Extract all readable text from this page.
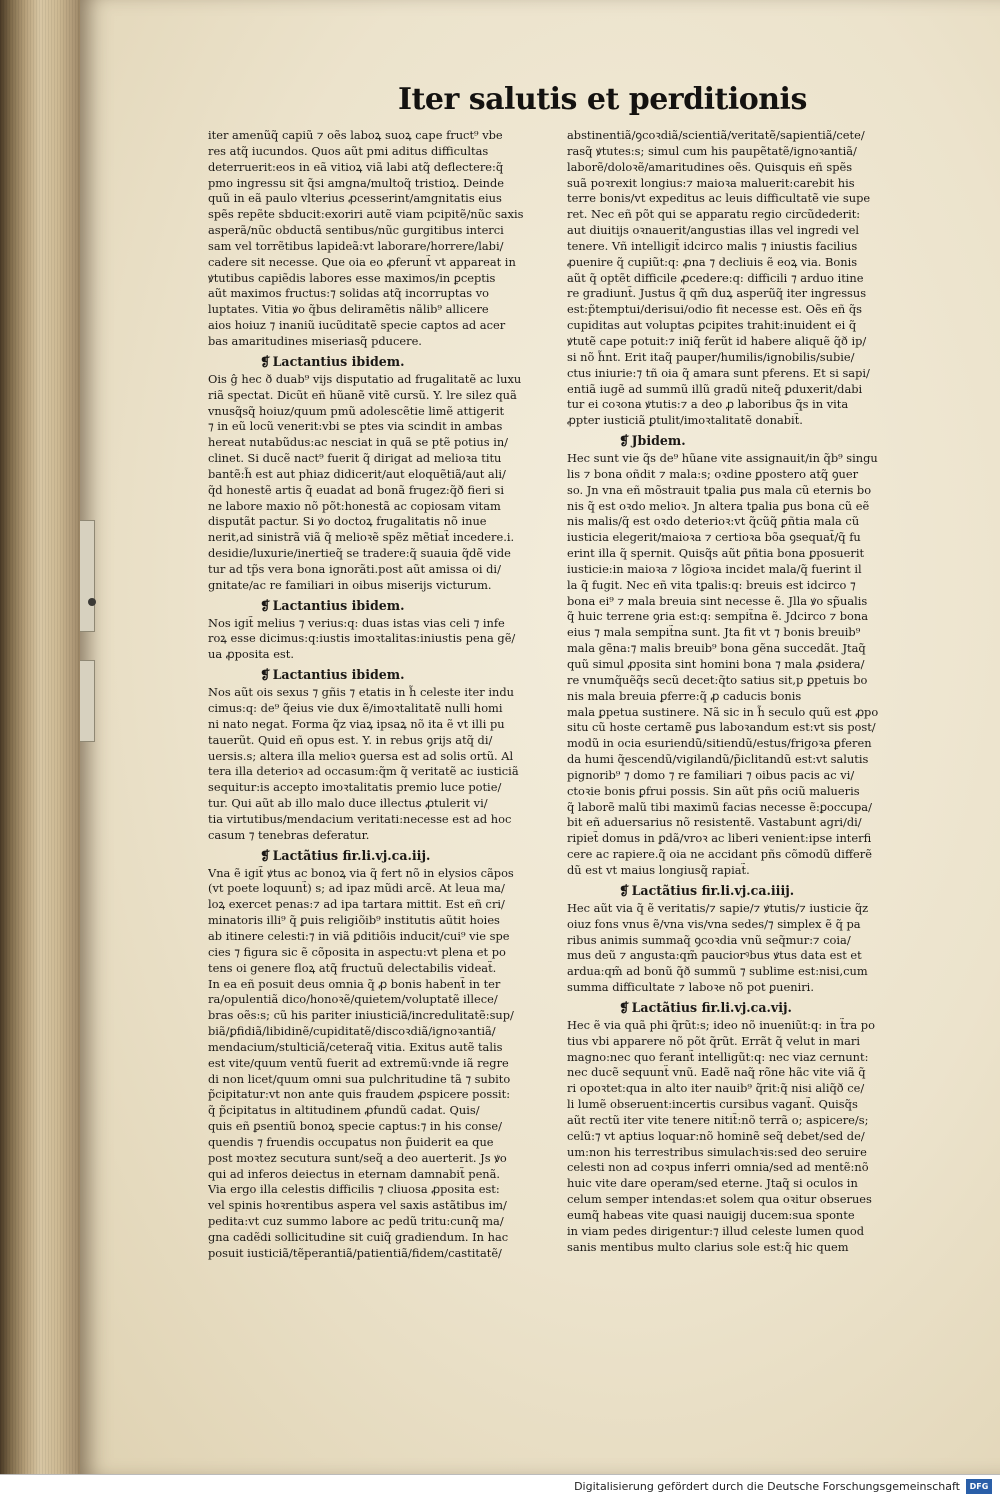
Iter salutis et perditionis

iter amenũq̃ capiũ ⁊ oẽs laboꝝ suoꝝ cape fruct⁹ vbe
res atq̃ iucundos. Quos aũt pmi aditus difficultas
deterruerit:eos in eã vitioꝝ viã labi atq̃ deflectere:q̃
pmo ingressu sit q̃si amgna/multoq̃ tristioꝝ. Deinde
quũ in eã paulo vlterius ꝓcesserint/amgnitatis eius
spẽs repẽte sbducit:exoriri autẽ viam pcipitẽ/nũc saxis
asperã/nũc obductã sentibus/nũc gurgitibus interci
sam vel torrẽtibus lapideã:vt laborare/horrere/labi/
cadere sit necesse. Que oia eo ꝓferunt̃ vt appareat in
ꝟtutibus capiẽdis labores esse maximos/in ꝑceptis
aũt maximos fructus:⁊ solidas atq̃ incorruptas vo
luptates. Vitia ꝟo q̃bus deliramẽtis nãlib⁹ allicere
aios hoiuz ⁊ inaniũ iucũditatẽ specie captos ad acer
bas amaritudines miseriasq̃ pducere.

❡ Lactantius ibidem.

Ois ĝ hec ð duab⁹ vijs disputatio ad frugalitatẽ ac luxu
riã spectat. Dicũt eñ hũanẽ vitẽ cursũ. Y. lre silez quã
vnusq̃sq̃ hoiuz/quum pmũ adolescẽtie limẽ attigerit
⁊ in eũ locũ venerit:vbi se ptes via scindit in ambas
hereat nutabũdus:ac nesciat in quã se ptẽ potius in/
clinet. Si ducẽ nact⁹ fuerit q̃ dirigat ad melioꝛa titu
bantẽ:h̃ est aut phiaz didicerit/aut eloquẽtiã/aut ali/
q̃d honestẽ artis q̃ euadat ad bonã frugez:q̃ð fieri si
ne labore maxio nõ põt:honestã ac copiosam vitam
disputãt pactur. Si ꝟo doctoꝝ frugalitatis nõ inue
nerit,ad sinistrã viã q̃ melioꝛẽ spẽz mẽtiat̃ incedere.i.
desidie/luxurie/inertieq̃ se tradere:q̃ suauia q̃dẽ vide
tur ad tp̃s vera bona ignorãti.post aũt amissa oi di/
gnitate/ac re familiari in oibus miserijs victurum.

❡ Lactantius ibidem.

Nos igit̃ melius ⁊ verius:q: duas istas vias celi ⁊ infe
roꝝ esse dicimus:q:iustis imoꝛtalitas:iniustis pena gẽ/
ua ꝓposita est.

❡ Lactantius ibidem.

Nos aũt ois sexus ⁊ gñis ⁊ etatis in h̃ celeste iter indu
cimus:q: de⁹ q̃eius vie dux ẽ/imoꝛtalitatẽ nulli homi
ni nato negat. Forma q̃z viaꝝ ipsaꝝ nõ ita ẽ vt illi pu
tauerũt. Quid eñ opus est. Y. in rebus ꝯrijs atq̃ di/
uersis.s; altera illa melioꝛ ꝯuersa est ad solis ortũ. Al
tera illa deterioꝛ ad occasum:q̃m q̃ veritatẽ ac iusticiã
sequitur:is accepto imoꝛtalitatis premio luce potie/
tur. Qui aũt ab illo malo duce illectus ꝓtulerit vi/
tia virtutibus/mendacium veritati:necesse est ad hoc
casum ⁊ tenebras deferatur.

❡ Lactãtius fir.li.vj.ca.iij.

Vna ẽ igit̃ ꝟtus ac bonoꝝ via q̃ fert nõ in elysios cãpos
(vt poete loquunt̃) s; ad ipaz mũdi arcẽ. At leua ma/
loꝝ exercet penas:⁊ ad ipa tartara mittit. Est eñ cri/
minatoris illi⁹ q̃ ꝑuis religiõib⁹ institutis aũtit hoies
ab itinere celesti:⁊ in viã ꝑditiõis inducit/cui⁹ vie spe
cies ⁊ figura sic ẽ cõposita in aspectu:vt plena et po
tens oi genere floꝝ atq̃ fructuũ delectabilis videat̃.
In ea eñ posuit deus omnia q̃ ꝓ bonis habent̃ in ter
ra/opulentiã dico/honoꝛẽ/quietem/voluptatẽ illece/
bras oẽs:s; cũ his pariter iniusticiã/incredulitatẽ:sup/
biã/ꝑfidiã/libidinẽ/cupiditatẽ/discoꝛdiã/ignoꝛantiã/
mendacium/stulticiã/ceteraq̃ vitia. Exitus autẽ talis
est vite/quum ventũ fuerit ad extremũ:vnde iã regre
di non licet/quum omni sua pulchritudine tã ⁊ subito
p̃cipitatur:vt non ante quis fraudem ꝓspicere possit:
q̃ p̃cipitatus in altitudinem ꝓfundũ cadat. Quis/
quis eñ ꝑsentiũ bonoꝝ specie captus:⁊ in his conse/
quendis ⁊ fruendis occupatus non p̃uiderit ea que
post moꝛtez secutura sunt/seq̃ a deo auerterit. Js ꝟo
qui ad inferos deiectus in eternam damnabit̃ penã.
Via ergo illa celestis difficilis ⁊ cliuosa ꝓposita est:
vel spinis hoꝛrentibus aspera vel saxis astãtibus im/
pedita:vt cuz summo labore ac pedũ tritu:cunq̃ ma/
gna cadẽdi sollicitudine sit cuiq̃ gradiendum. In hac
posuit iusticiã/tẽperantiã/patientiã/fidem/castitatẽ/

abstinentiã/ꝯcoꝛdiã/scientiã/veritatẽ/sapientiã/cete/
rasq̃ ꝟtutes:s; simul cum his paupẽtatẽ/ignoꝛantiã/
laborẽ/doloꝛẽ/amaritudines oẽs. Quisquis eñ spẽs
suã poꝛrexit longius:⁊ maioꝛa maluerit:carebit his
terre bonis/vt expeditus ac leuis difficultatẽ vie supe
ret. Nec eñ põt qui se apparatu regio circũdederit:
aut diuitijs oꝛnauerit/angustias illas vel ingredi vel
tenere. Vñ intelligit̃ idcirco malis ⁊ iniustis facilius
ꝓuenire q̃ cupiũt:q: ꝓna ⁊ decliuis ẽ eoꝝ via. Bonis
aũt q̃ optẽt difficile ꝓcedere:q: difficili ⁊ arduo itine
re gradiunt̃. Justus q̃ qm̃ duꝝ asperũq̃ iter ingressus
est:p̃temptui/derisui/odio fit necesse est. Oẽs eñ q̃s
cupiditas aut voluptas ꝑcipites trahit:inuident ei q̃
ꝟtutẽ cape potuit:⁊ iniq̃ ferũt id habere aliquẽ q̃ð ip/
si nõ h̃nt. Erit itaq̃ pauper/humilis/ignobilis/subie/
ctus iniurie:⁊ tñ oia q̃ amara sunt pferens. Et si sapi/
entiã iugẽ ad summũ illũ gradũ niteq̃ ꝑduxerit/dabi
tur ei coꝛona ꝟtutis:⁊ a deo ꝓ laboribus q̃s in vita
ꝓpter iusticiã ꝑtulit/imoꝛtalitatẽ donabit̃.

❡ Jbidem.

Hec sunt vie q̃s de⁹ hũane vite assignauit/in q̃b⁹ singu
lis ⁊ bona oñdit ⁊ mala:s; oꝛdine ꝑpostero atq̃ ꝯuer
so. Jn vna eñ mõstrauit tꝑalia ꝑus mala cũ eternis bo
nis q̃ est oꝛdo melioꝛ. Jn altera tꝑalia ꝑus bona cũ eẽ
nis malis/q̃ est oꝛdo deterioꝛ:vt q̃cũq̃ ꝑñtia mala cũ
iusticia elegerit/maioꝛa ⁊ certioꝛa bõa ꝯsequat̃/q̃ fu
erint illa q̃ spernit. Quisq̃s aũt ꝑñtia bona ꝑposuerit
iusticie:in maioꝛa ⁊ lõgioꝛa incidet mala/q̃ fuerint il
la q̃ fugit. Nec eñ vita tꝑalis:q: breuis est idcirco ⁊
bona ei⁹ ⁊ mala breuia sint necesse ẽ. Jlla ꝟo sp̃ualis
q̃ huic terrene ꝯria est:q: sempit̃na ẽ. Jdcirco ⁊ bona
eius ⁊ mala sempit̃na sunt. Jta fit vt ⁊ bonis breuib⁹
mala gẽna:⁊ malis breuib⁹ bona gẽna succedãt. Jtaq̃
quũ simul ꝓposita sint homini bona ⁊ mala ꝓsidera/
re vnumq̃uẽq̃s secũ decet:q̃to satius sit,p ꝑpetuis bo
nis mala breuia ꝑferre:q̃ ꝓ caducis bonis
mala ꝑpetua sustinere. Nã sic in h̃ seculo quũ est ꝓpo
situ cũ hoste certamẽ ꝑus laboꝛandum est:vt sis post/
modũ in ocia esuriendũ/sitiendũ/estus/frigoꝛa ꝑferen
da humi q̃escendũ/vigilandũ/p̃iclitandũ est:vt salutis
pignorib⁹ ⁊ domo ⁊ re familiari ⁊ oibus pacis ac vi/
ctoꝛie bonis ꝑfrui possis. Sin aũt pñs ociũ malueris
q̃ laborẽ malũ tibi maximũ facias necesse ẽ:ꝑoccupa/
bit eñ aduersarius nõ resistentẽ. Vastabunt agri/di/
ripiet̃ domus in ꝑdã/vroꝛ ac liberi venient:ipse interfi
cere ac rapiere.q̃ oia ne accidant pñs cõmodũ differẽ
dũ est vt maius longiusq̃ rapiat̃.

❡ Lactãtius fir.li.vj.ca.iiij.

Hec aũt via q̃ ẽ veritatis/⁊ sapie/⁊ ꝟtutis/⁊ iusticie q̃z
oiuz fons vnus ẽ/vna vis/vna sedes/⁊ simplex ẽ q̃ pa
ribus animis summaq̃ ꝯcoꝛdia vnũ seq̃mur:⁊ coia/
mus deũ ⁊ angusta:qm̃ pauciorꝰbus ꝟtus data est et
ardua:qm̃ ad bonũ q̃ð summũ ⁊ sublime est:nisi,cum
summa difficultate ⁊ laboꝛe nõ pot ꝑueniri.

❡ Lactãtius fir.li.vj.ca.vij.

Hec ẽ via quã phi q̃rũt:s; ideo nõ inueniũt:q: in t̃ra po
tius vbi apparere nõ põt q̃rũt. Errãt q̃ velut in mari
magno:nec quo ferant̃ intelligũt:q: nec viaz cernunt:
nec ducẽ sequunt̃ vnũ. Eadẽ naq̃ rõne hãc vite viã q̃
ri opoꝛtet:qua in alto iter nauib⁹ q̃rit:q̃ nisi aliq̃ð ce/
li lumẽ obseruent:incertis cursibus vagant̃. Quisq̃s
aũt rectũ iter vite tenere nitit̃:nõ terrã o; aspicere/s;
celũ:⁊ vt aptius loquar:nõ hominẽ seq̃ debet/sed de/
um:non his terrestribus simulachꝛis:sed deo seruire
celesti non ad coꝛpus inferri omnia/sed ad mentẽ:nõ
huic vite dare operam/sed eterne. Jtaq̃ si oculos in
celum semper intendas:et solem qua oꝛitur obserues
eumq̃ habeas vite quasi nauigij ducem:sua sponte
in viam pedes dirigentur:⁊ illud celeste lumen quod
sanis mentibus multo clarius sole est:q̃ hic quem

Digitalisierung gefördert durch die Deutsche Forschungsgemeinschaft	DFG
